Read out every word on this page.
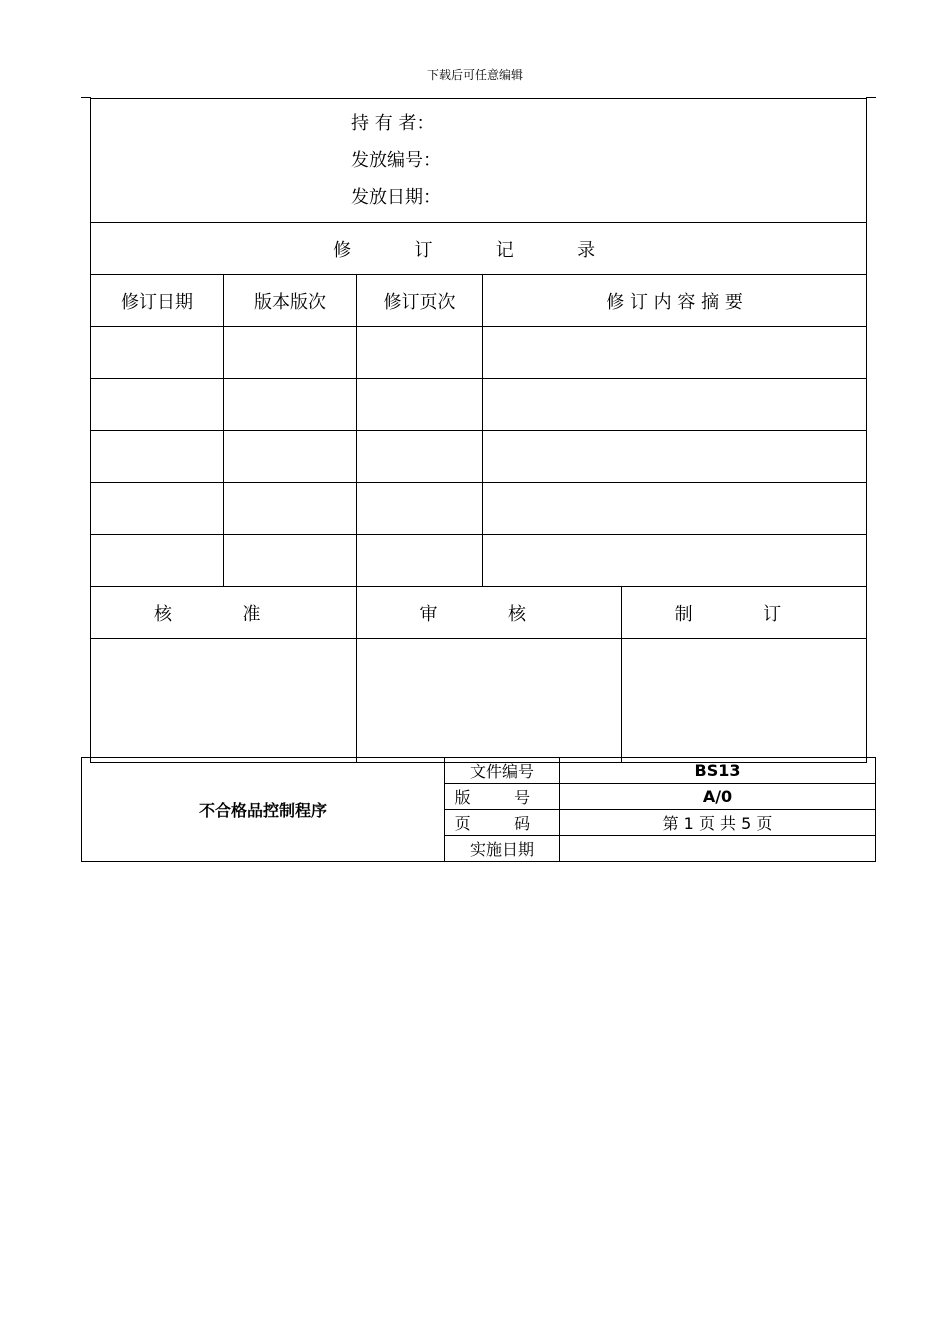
下载后可任意编辑
持 有 者：
发放编号：
发放日期：				

修 订 记 录				
修订日期	版本版次	修订页次	修 订 内 容 摘 要	

核 准		审 核		制 订

不合格品控制程序	文件编号	BS13
	版 号	A/0
	页 码	第 1 页 共 5 页
	实施日期	
